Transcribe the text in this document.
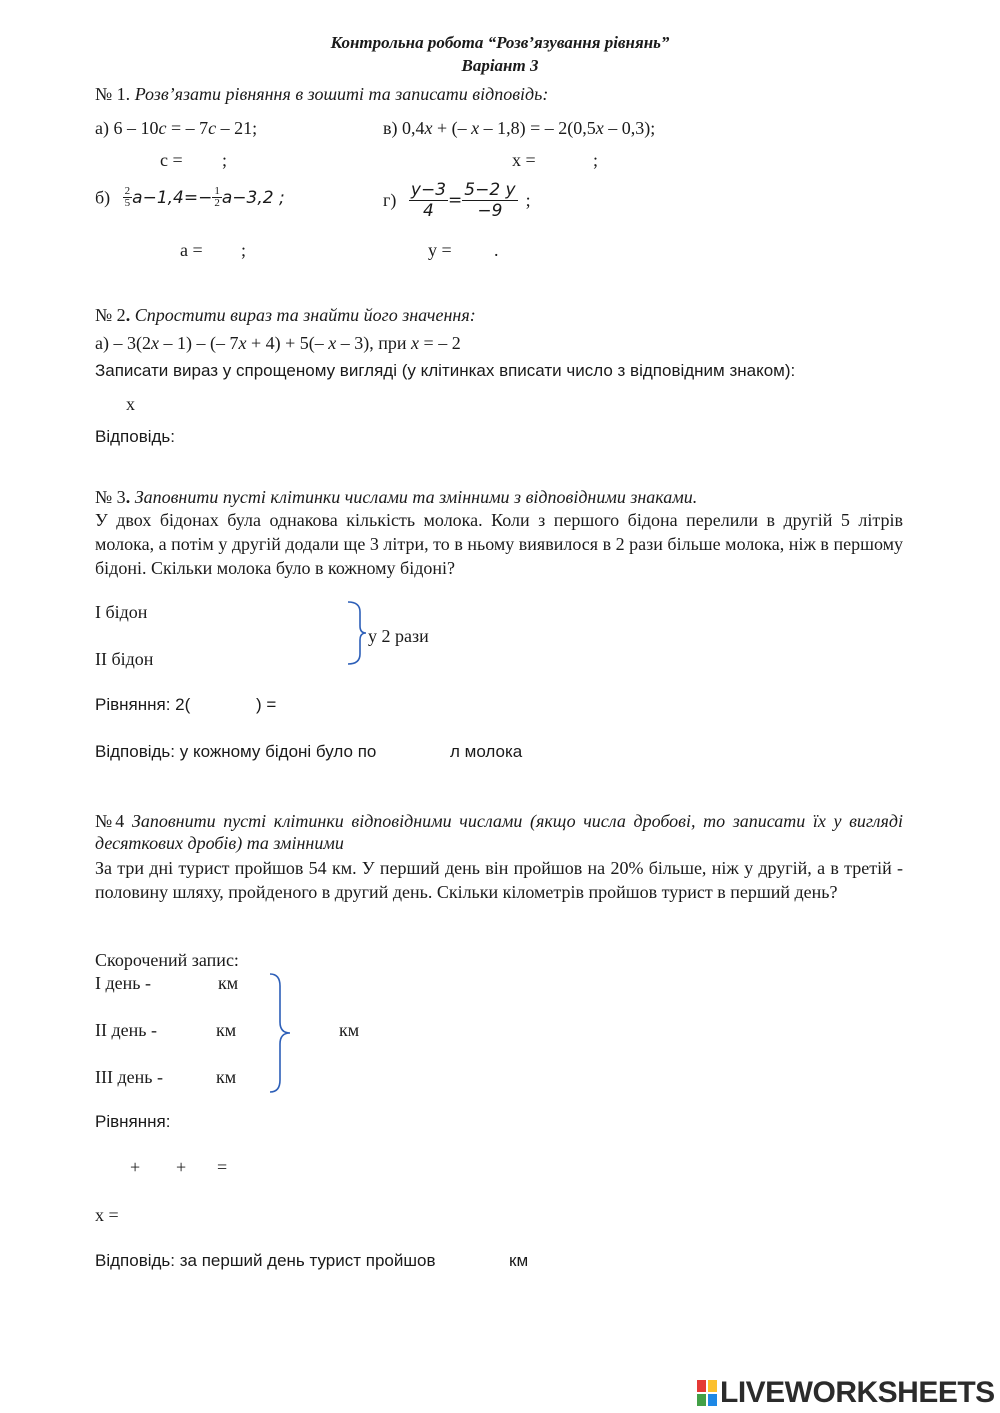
Контрольна робота “Розв’язування рівнянь”
Варіант 3
№ 1. Розв’язати рівняння в зошиті та записати відповідь:
а) 6 – 10c = – 7c – 21;	в) 0,4x + (– x – 1,8) = – 2(0,5x – 0,3);
c = ;	x =	;
$б) \frac{2}{5} a-1,4=- \frac{1}{2} a-3,2$ ;	$г) \frac{y-3}{4} = \frac{5-2 y}{-9}$ ;
a = ;	y = .
№ 2. Спростити вираз та знайти його значення:
а) – 3(2x – 1) – (– 7x + 4) + 5(– x – 3), при x = – 2
Записати вираз у спрощеному вигляді (у клітинках вписати число з відповідним знаком):
x
Відповідь:
№ 3. Заповнити пусті клітинки числами та змінними з відповідними знаками.
У двох бідонах була однакова кількість молока. Коли з першого бідона перелили в другій 5 літрів молока, а потім у другій додали ще 3 літри, то в ньому виявилося в 2 рази більше молока, ніж в першому бідоні. Скільки молока було в кожному бідоні?
І бідон
ІІ бідон
у 2 рази
Рівняння: 2(	) =
Відповідь: у кожному бідоні було по	л молока
№4 Заповнити пусті клітинки відповідними числами (якщо числа дробові, то записати їх у вигляді десяткових дробів) та змінними
За три дні турист пройшов 54 км. У перший день він пройшов на 20% більше, ніж у другій, а в третій - половину шляху, пройденого в другий день. Скільки кілометрів пройшов турист в перший день?
Скорочений запис:
І день -	км
ІІ день -	км
ІІІ день -	км
км
Рівняння:
+ + =
x =
Відповідь: за перший день турист пройшов	км
LIVEWORKSHEETS
